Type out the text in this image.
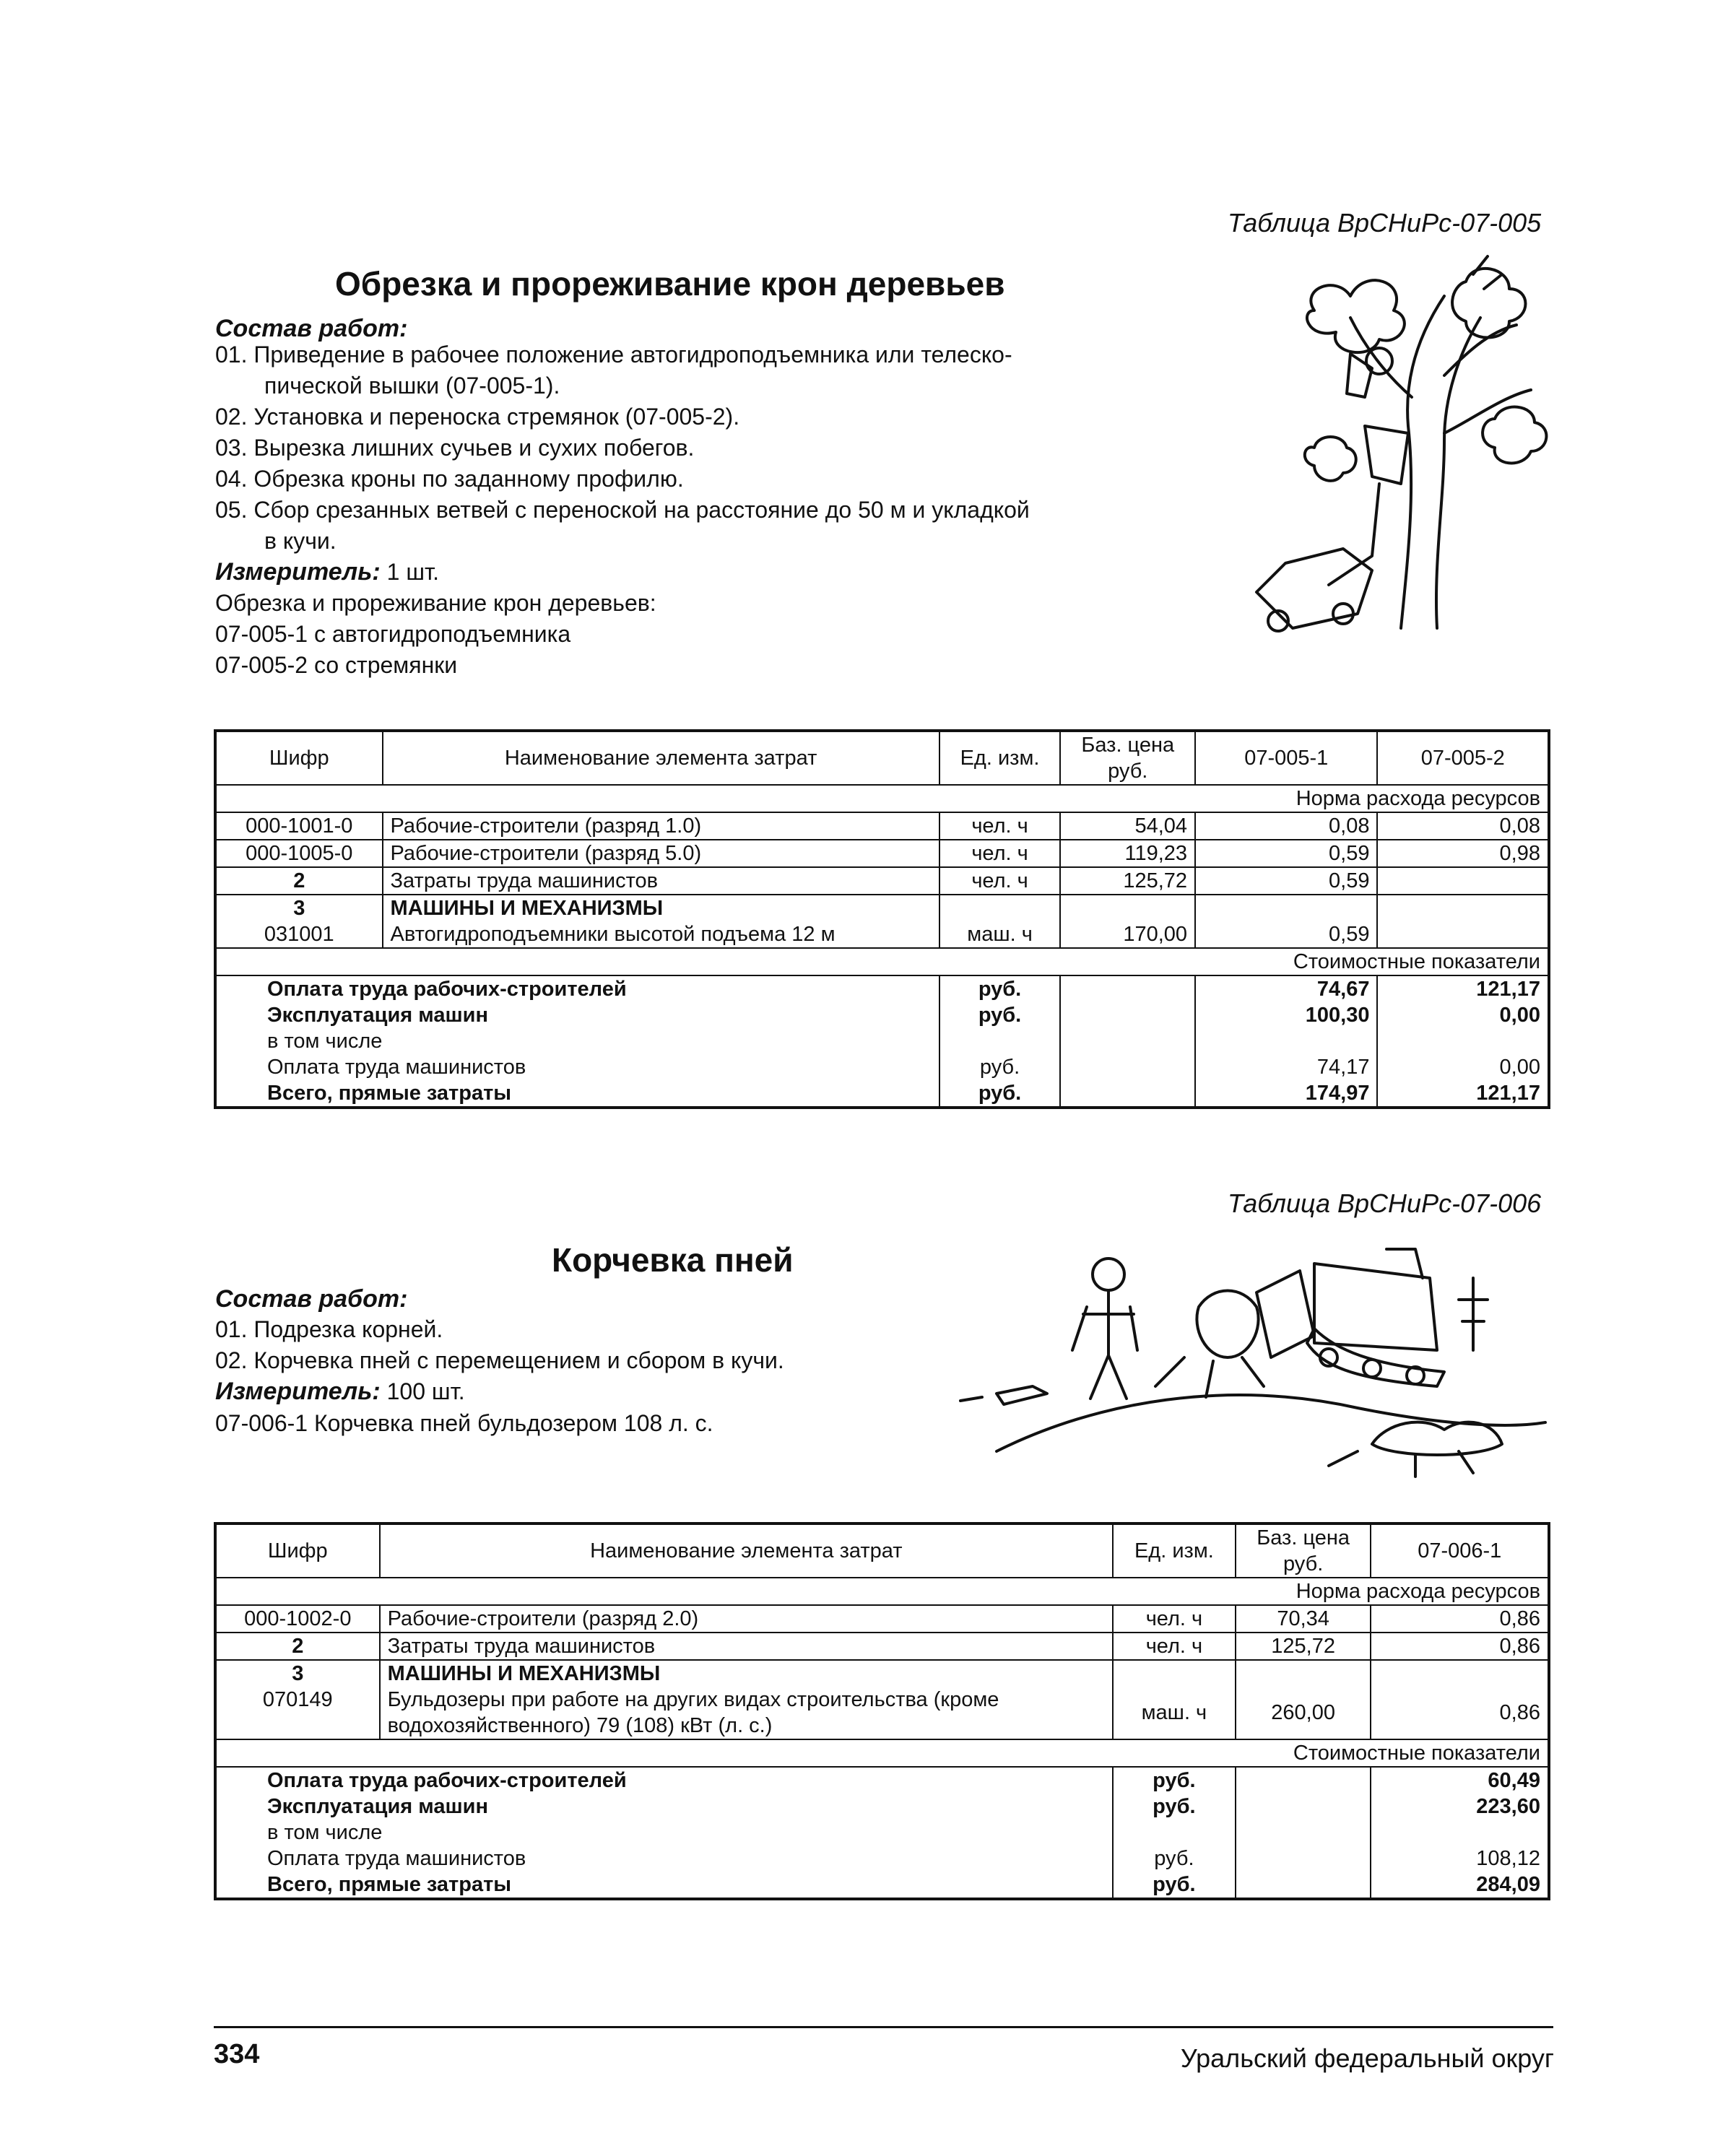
Таблица ВрСНиРс-07-005
Обрезка и прореживание крон деревьев
Состав работ:
01. Приведение в рабочее положение автогидроподъемника или телеско-
пической вышки (07-005-1).
02. Установка и переноска стремянок (07-005-2).
03. Вырезка лишних сучьев и сухих побегов.
04. Обрезка кроны по заданному профилю.
05. Сбор срезанных ветвей с переноской на расстояние до 50 м и укладкой
в кучи.
Измеритель: 1 шт.
Обрезка и прореживание крон деревьев:
07-005-1 с автогидроподъемника
07-005-2 со стремянки
Шифр	Наименование элемента затрат	Ед. изм.	Баз. цена руб.	07-005-1	07-005-2
Норма расхода ресурсов					
000-1001-0	Рабочие-строители (разряд 1.0)	чел. ч	54,04	0,08	0,08
000-1005-0	Рабочие-строители (разряд 5.0)	чел. ч	119,23	0,59	0,98
2	Затраты труда машинистов	чел. ч	125,72	0,59	
3	МАШИНЫ И МЕХАНИЗМЫ				
031001	Автогидроподъемники высотой подъема 12 м	маш. ч	170,00	0,59	
Стоимостные показатели					
Оплата труда рабочих-строителей		руб.		74,67	121,17
Эксплуатация машин		руб.		100,30	0,00
в том числе					
Оплата труда машинистов		руб.		74,17	0,00
Всего, прямые затраты		руб.		174,97	121,17
Таблица ВрСНиРс-07-006
Корчевка пней
Состав работ:
01. Подрезка корней.
02. Корчевка пней с перемещением и сбором в кучи.
Измеритель: 100 шт.
07-006-1 Корчевка пней бульдозером 108 л. с.
Шифр	Наименование элемента затрат	Ед. изм.	Баз. цена руб.	07-006-1
Норма расхода ресурсов				
000-1002-0	Рабочие-строители (разряд 2.0)	чел. ч	70,34	0,86
2	Затраты труда машинистов	чел. ч	125,72	0,86
3	МАШИНЫ И МЕХАНИЗМЫ			
070149	Бульдозеры при работе на других видах строительства (кроме водохозяйственного) 79 (108) кВт (л. с.)	маш. ч	260,00	0,86
Стоимостные показатели				
Оплата труда рабочих-строителей		руб.		60,49
Эксплуатация машин		руб.		223,60
в том числе				
Оплата труда машинистов		руб.		108,12
Всего, прямые затраты		руб.		284,09
334	Уральский федеральный округ
